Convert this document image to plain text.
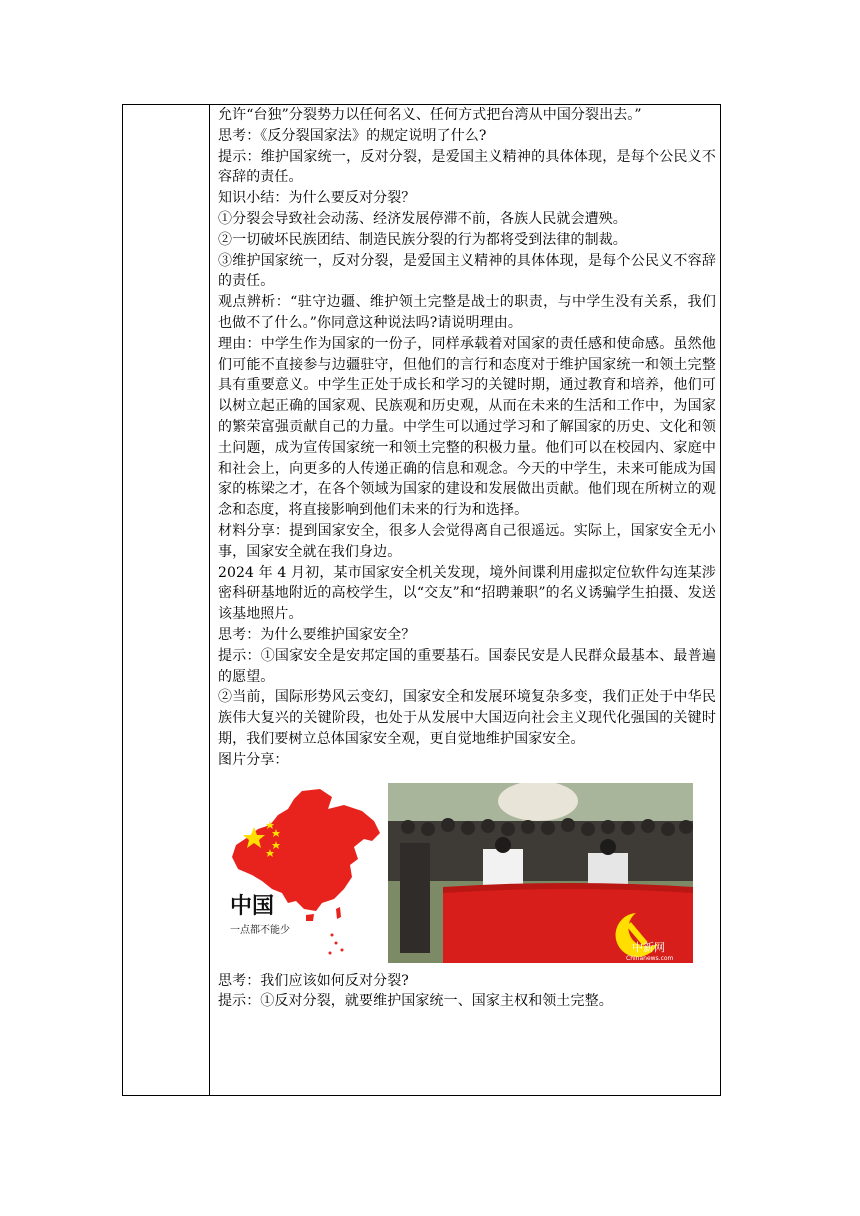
允许“台独”分裂势力以任何名义、任何方式把台湾从中国分裂出去。”

思考：《反分裂国家法》的规定说明了什么?

提示：维护国家统一，反对分裂，是爱国主义精神的具体体现，是每个公民义不容辞的责任。

知识小结：为什么要反对分裂？

①分裂会导致社会动荡、经济发展停滞不前，各族人民就会遭殃。

②一切破坏民族团结、制造民族分裂的行为都将受到法律的制裁。

③维护国家统一，反对分裂，是爱国主义精神的具体体现，是每个公民义不容辞的责任。

观点辨析：“驻守边疆、维护领土完整是战士的职责，与中学生没有关系，我们也做不了什么。”你同意这种说法吗?请说明理由。

理由：中学生作为国家的一份子，同样承载着对国家的责任感和使命感。虽然他们可能不直接参与边疆驻守，但他们的言行和态度对于维护国家统一和领土完整具有重要意义。中学生正处于成长和学习的关键时期，通过教育和培养，他们可以树立起正确的国家观、民族观和历史观，从而在未来的生活和工作中，为国家的繁荣富强贡献自己的力量。中学生可以通过学习和了解国家的历史、文化和领土问题，成为宣传国家统一和领土完整的积极力量。他们可以在校园内、家庭中和社会上，向更多的人传递正确的信息和观念。今天的中学生，未来可能成为国家的栋梁之才，在各个领域为国家的建设和发展做出贡献。他们现在所树立的观念和态度，将直接影响到他们未来的行为和选择。

材料分享：提到国家安全，很多人会觉得离自己很遥远。实际上，国家安全无小事，国家安全就在我们身边。

2024 年 4 月初，某市国家安全机关发现，境外间谍利用虚拟定位软件勾连某涉密科研基地附近的高校学生，以“交友”和“招聘兼职”的名义诱骗学生拍摄、发送该基地照片。

思考：为什么要维护国家安全？

提示：①国家安全是安邦定国的重要基石。国泰民安是人民群众最基本、最普遍的愿望。

②当前，国际形势风云变幻，国家安全和发展环境复杂多变，我们正处于中华民族伟大复兴的关键阶段，也处于从发展中大国迈向社会主义现代化强国的关键时期，我们要树立总体国家安全观，更自觉地维护国家安全。

图片分享：

中国
一点都不能少
中新网
Chinanews.com

思考：我们应该如何反对分裂?

提示：①反对分裂，就要维护国家统一、国家主权和领土完整。
